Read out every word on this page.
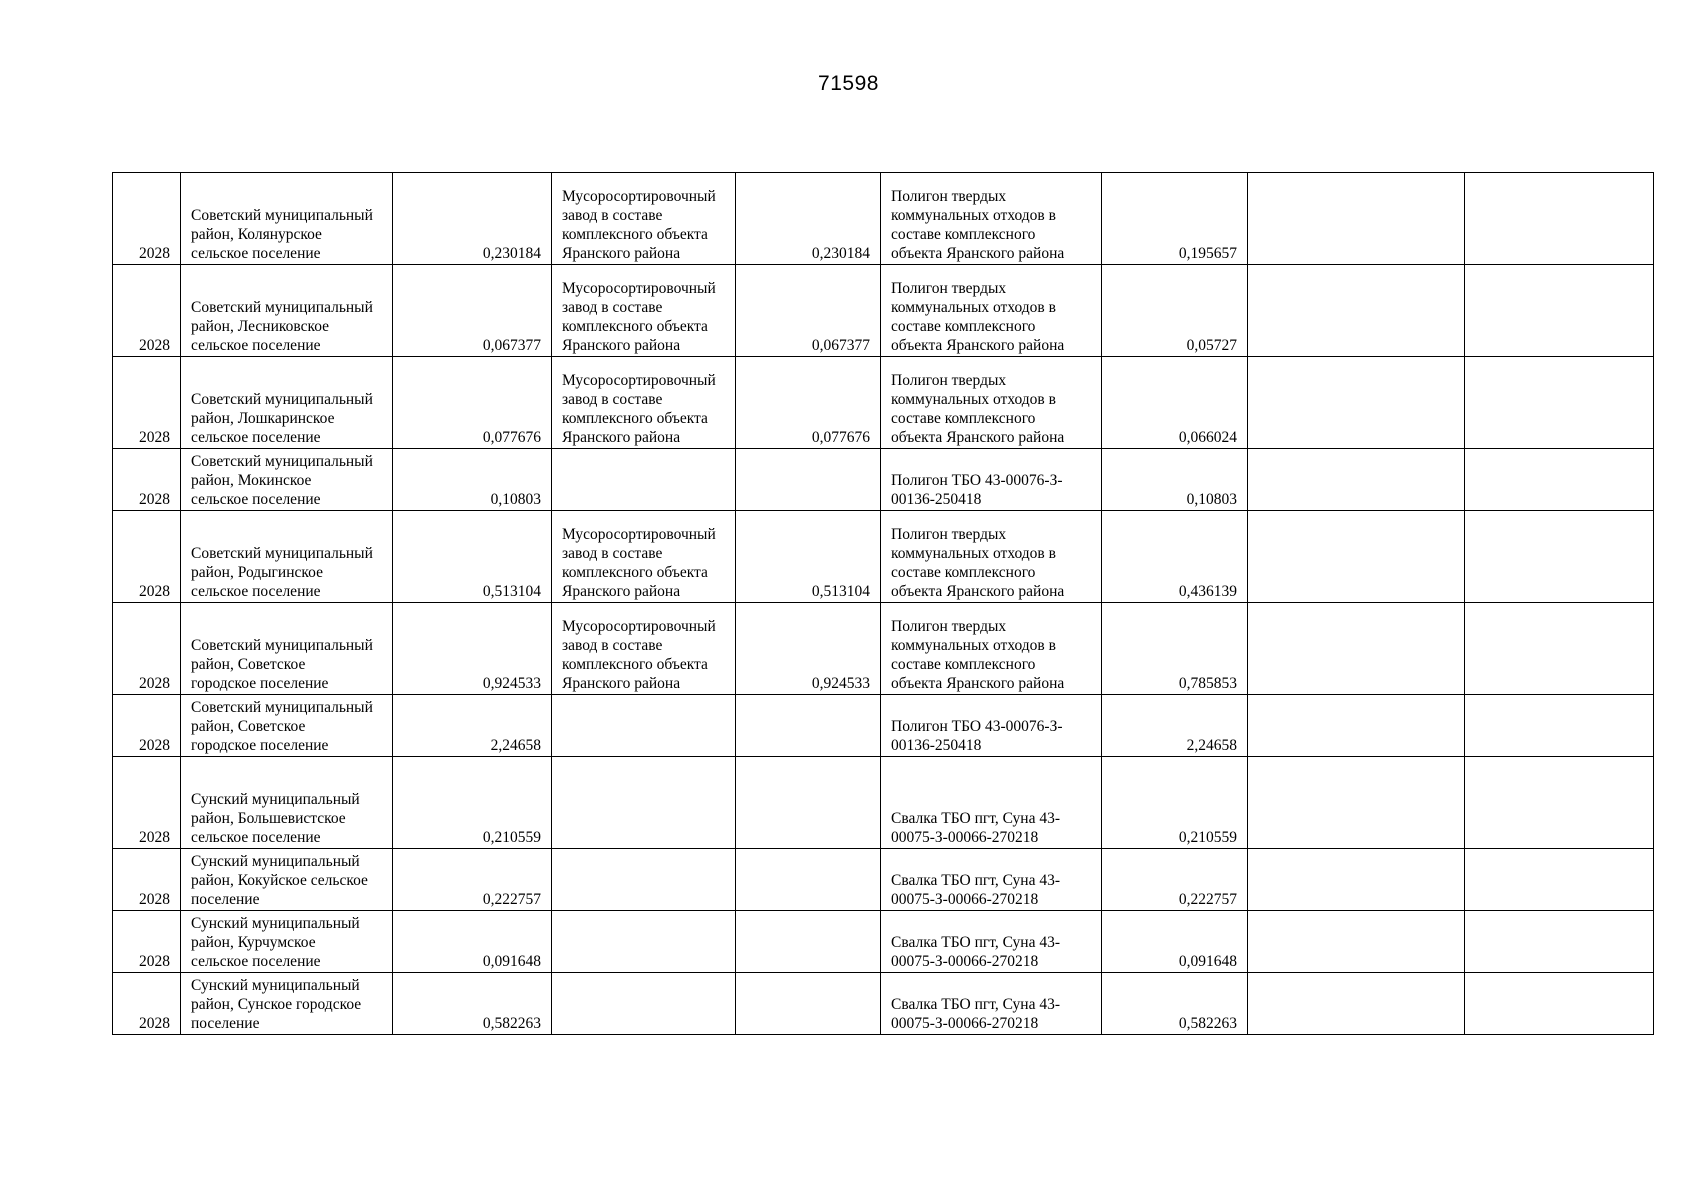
71598
2028	Советский муниципальный
район, Колянурское
сельское поселение	0,230184	Мусоросортировочный
завод в составе
комплексного объекта
Яранского района	0,230184	Полигон твердых
коммунальных отходов в
составе комплексного
объекта Яранского района	0,195657		
2028	Советский муниципальный
район, Лесниковское
сельское поселение	0,067377	Мусоросортировочный
завод в составе
комплексного объекта
Яранского района	0,067377	Полигон твердых
коммунальных отходов в
составе комплексного
объекта Яранского района	0,05727		
2028	Советский муниципальный
район, Лошкаринское
сельское поселение	0,077676	Мусоросортировочный
завод в составе
комплексного объекта
Яранского района	0,077676	Полигон твердых
коммунальных отходов в
составе комплексного
объекта Яранского района	0,066024		
2028	Советский муниципальный
район, Мокинское
сельское поселение	0,10803			Полигон ТБО 43-00076-З-
00136-250418	0,10803		
2028	Советский муниципальный
район, Родыгинское
сельское поселение	0,513104	Мусоросортировочный
завод в составе
комплексного объекта
Яранского района	0,513104	Полигон твердых
коммунальных отходов в
составе комплексного
объекта Яранского района	0,436139		
2028	Советский муниципальный
район, Советское
городское поселение	0,924533	Мусоросортировочный
завод в составе
комплексного объекта
Яранского района	0,924533	Полигон твердых
коммунальных отходов в
составе комплексного
объекта Яранского района	0,785853		
2028	Советский муниципальный
район, Советское
городское поселение	2,24658			Полигон ТБО 43-00076-З-
00136-250418	2,24658		
2028	Сунский муниципальный
район, Большевистское
сельское поселение	0,210559			Свалка ТБО пгт, Суна 43-
00075-З-00066-270218	0,210559		
2028	Сунский муниципальный
район, Кокуйское сельское
поселение	0,222757			Свалка ТБО пгт, Суна 43-
00075-З-00066-270218	0,222757		
2028	Сунский муниципальный
район, Курчумское
сельское поселение	0,091648			Свалка ТБО пгт, Суна 43-
00075-З-00066-270218	0,091648		
2028	Сунский муниципальный
район, Сунское городское
поселение	0,582263			Свалка ТБО пгт, Суна 43-
00075-З-00066-270218	0,582263		
